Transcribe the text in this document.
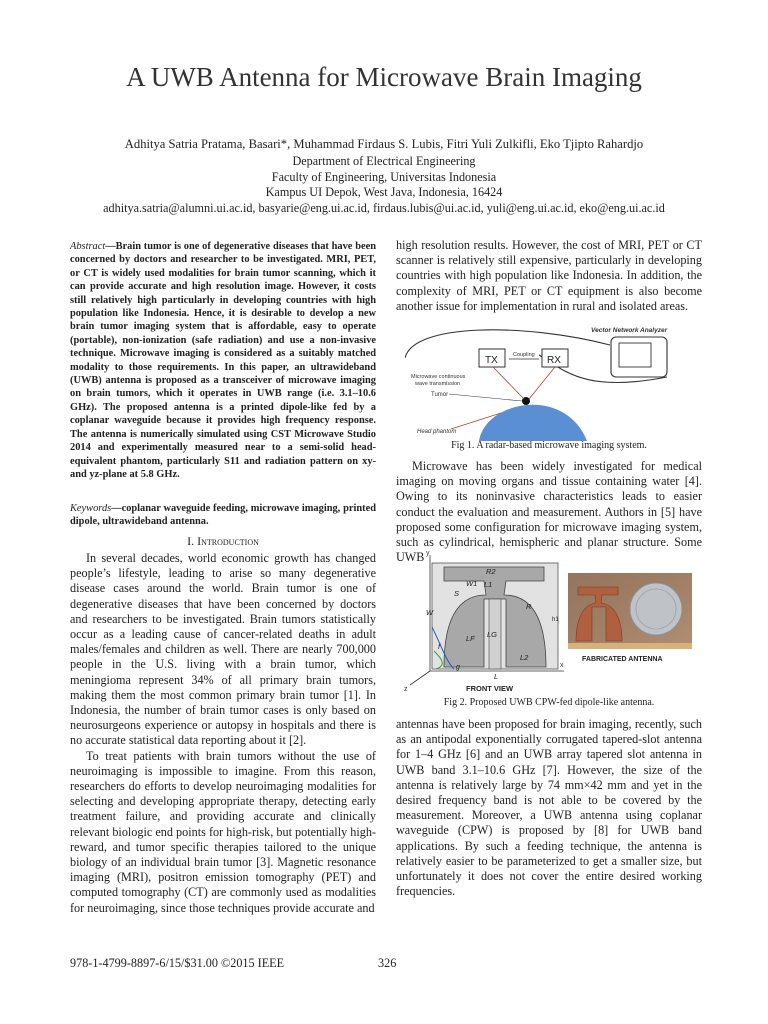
A UWB Antenna for Microwave Brain Imaging
Adhitya Satria Pratama, Basari*, Muhammad Firdaus S. Lubis, Fitri Yuli Zulkifli, Eko Tjipto Rahardjo
Department of Electrical Engineering
Faculty of Engineering, Universitas Indonesia
Kampus UI Depok, West Java, Indonesia, 16424
adhitya.satria@alumni.ui.ac.id, basyarie@eng.ui.ac.id, firdaus.lubis@ui.ac.id, yuli@eng.ui.ac.id, eko@eng.ui.ac.id
Abstract—Brain tumor is one of degenerative diseases that have been concerned by doctors and researcher to be investigated. MRI, PET, or CT is widely used modalities for brain tumor scanning, which it can provide accurate and high resolution image. However, it costs still relatively high particularly in developing countries with high population like Indonesia. Hence, it is desirable to develop a new brain tumor imaging system that is affordable, easy to operate (portable), non-ionization (safe radiation) and use a non-invasive technique. Microwave imaging is considered as a suitably matched modality to those requirements. In this paper, an ultrawideband (UWB) antenna is proposed as a transceiver of microwave imaging on brain tumors, which it operates in UWB range (i.e. 3.1–10.6 GHz). The proposed antenna is a printed dipole-like fed by a coplanar waveguide because it provides high frequency response. The antenna is numerically simulated using CST Microwave Studio 2014 and experimentally measured near to a semi-solid head-equivalent phantom, particularly S11 and radiation pattern on xy- and yz-plane at 5.8 GHz.
Keywords—coplanar waveguide feeding, microwave imaging, printed dipole, ultrawideband antenna.
I. Introduction

In several decades, world economic growth has changed people’s lifestyle, leading to arise so many degenerative disease cases around the world. Brain tumor is one of degenerative diseases that have been concerned by doctors and researchers to be investigated. Brain tumors statistically occur as a leading cause of cancer-related deaths in adult males/females and children as well. There are nearly 700,000 people in the U.S. living with a brain tumor, which meningioma represent 34% of all primary brain tumors, making them the most common primary brain tumor [1]. In Indonesia, the number of brain tumor cases is only based on neurosurgeons experience or autopsy in hospitals and there is no accurate statistical data reporting about it [2].

To treat patients with brain tumors without the use of neuroimaging is impossible to imagine. From this reason, researchers do efforts to develop neuroimaging modalities for selecting and developing appropriate therapy, detecting early treatment failure, and providing accurate and clinically relevant biologic end points for high-risk, but potentially high-reward, and tumor specific therapies tailored to the unique biology of an individual brain tumor [3]. Magnetic resonance imaging (MRI), positron emission tomography (PET) and computed tomography (CT) are commonly used as modalities for neuroimaging, since those techniques provide accurate and

high resolution results. However, the cost of MRI, PET or CT scanner is relatively still expensive, particularly in developing countries with high population like Indonesia. In addition, the complexity of MRI, PET or CT equipment is also become another issue for implementation in rural and isolated areas.

Vector Network Analyzer
TX	RX
Coupling
Microwave continuous
wave transmission
Tumor
Head phantom
Fig 1. A radar-based microwave imaging system.

Microwave has been widely investigated for medical imaging on moving organs and tissue containing water [4]. Owing to its noninvasive characteristics leads to easier conduct the evaluation and measurement. Authors in [5] have proposed some configuration for microwave imaging system, such as cylindrical, hemispheric and planar structure. Some UWB y
R2
W1 L1
S
W
R
h1
LF LG
f
L2
g
L
x
z	FRONT VIEW
FABRICATED ANTENNA
Fig 2. Proposed UWB CPW-fed dipole-like antenna.

antennas have been proposed for brain imaging, recently, such as an antipodal exponentially corrugated tapered-slot antenna for 1–4 GHz [6] and an UWB array tapered slot antenna in UWB band 3.1–10.6 GHz [7]. However, the size of the antenna is relatively large by 74 mm×42 mm and yet in the desired frequency band is not able to be covered by the measurement. Moreover, a UWB antenna using coplanar waveguide (CPW) is proposed by [8] for UWB band applications. By such a feeding technique, the antenna is relatively easier to be parameterized to get a smaller size, but unfortunately it does not cover the entire desired working frequencies.

978-1-4799-8897-6/15/$31.00 ©2015 IEEE	326
